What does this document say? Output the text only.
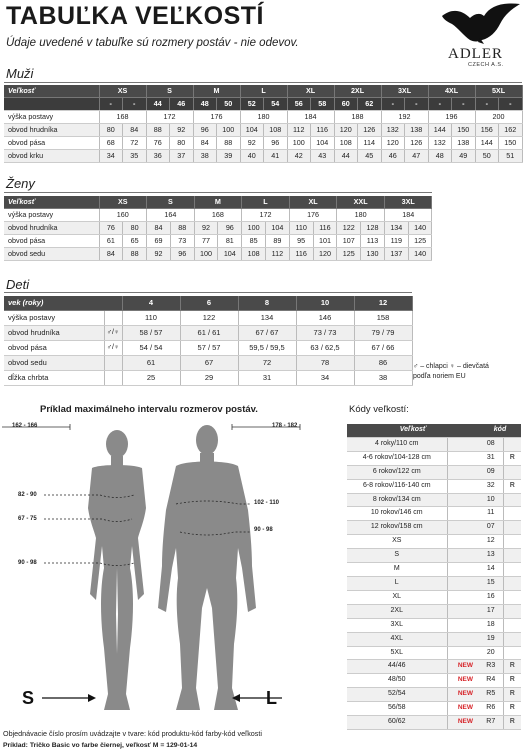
TABUĽKA VEĽKOSTÍ
Údaje uvedené v tabuľke sú rozmery postáv - nie odevov.
ADLER
CZECH A.S.
Muži
Veľkosť	XS		S		M		L		XL		2XL		3XL		4XL		5XL	
	-	-	44	46	48	50	52	54	56	58	60	62	-	-	-	-	-	-
výška postavy	168		172		176		180		184		188		192		196		200	
obvod hrudníka	80	84	88	92	96	100	104	108	112	116	120	126	132	138	144	150	156	162
obvod pása	68	72	76	80	84	88	92	96	100	104	108	114	120	126	132	138	144	150
obvod krku	34	35	36	37	38	39	40	41	42	43	44	45	46	47	48	49	50	51
Ženy
Veľkosť	XS		S		M		L		XL		XXL		3XL	
výška postavy	160		164		168		172		176		180		184	
obvod hrudníka	76	80	84	88	92	96	100	104	110	116	122	128	134	140
obvod pása	61	65	69	73	77	81	85	89	95	101	107	113	119	125
obvod sedu	84	88	92	96	100	104	108	112	116	120	125	130	137	140
Deti
vek (roky)		4	6	8	10	12
výška postavy		110	122	134	146	158
obvod hrudníka	♂/♀	58 / 57	61 / 61	67 / 67	73 / 73	79 / 79
obvod pása	♂/♀	54 / 54	57 / 57	59,5 / 59,5	63 / 62,5	67 / 66
obvod sedu		61	67	72	78	86
dĺžka chrbta		25	29	31	34	38
♂ – chlapci ♀ – dievčatá
podľa noriem EU
Príklad maximálneho intervalu rozmerov postáv.
162 - 166	178 - 182
82 - 90
67 - 75
90 - 98
102 - 110
90 - 98
S	L
Kódy veľkostí:
Veľkosť		kód	
4 roky/110 cm		08	
4-6 rokov/104-128 cm		31	R
6 rokov/122 cm		09	
6-8 rokov/116-140 cm		32	R
8 rokov/134 cm		10	
10 rokov/146 cm		11	
12 rokov/158 cm		07	
XS		12	
S		13	
M		14	
L		15	
XL		16	
2XL		17	
3XL		18	
4XL		19	
5XL		20	
44/46	NEW	R3	R
48/50	NEW	R4	R
52/54	NEW	R5	R
56/58	NEW	R6	R
60/62	NEW	R7	R
Objednávacie číslo prosím uvádzajte v tvare: kód produktu-kód farby-kód veľkosti
Príklad: Tričko Basic vo farbe čiernej, veľkosť M = 129-01-14
